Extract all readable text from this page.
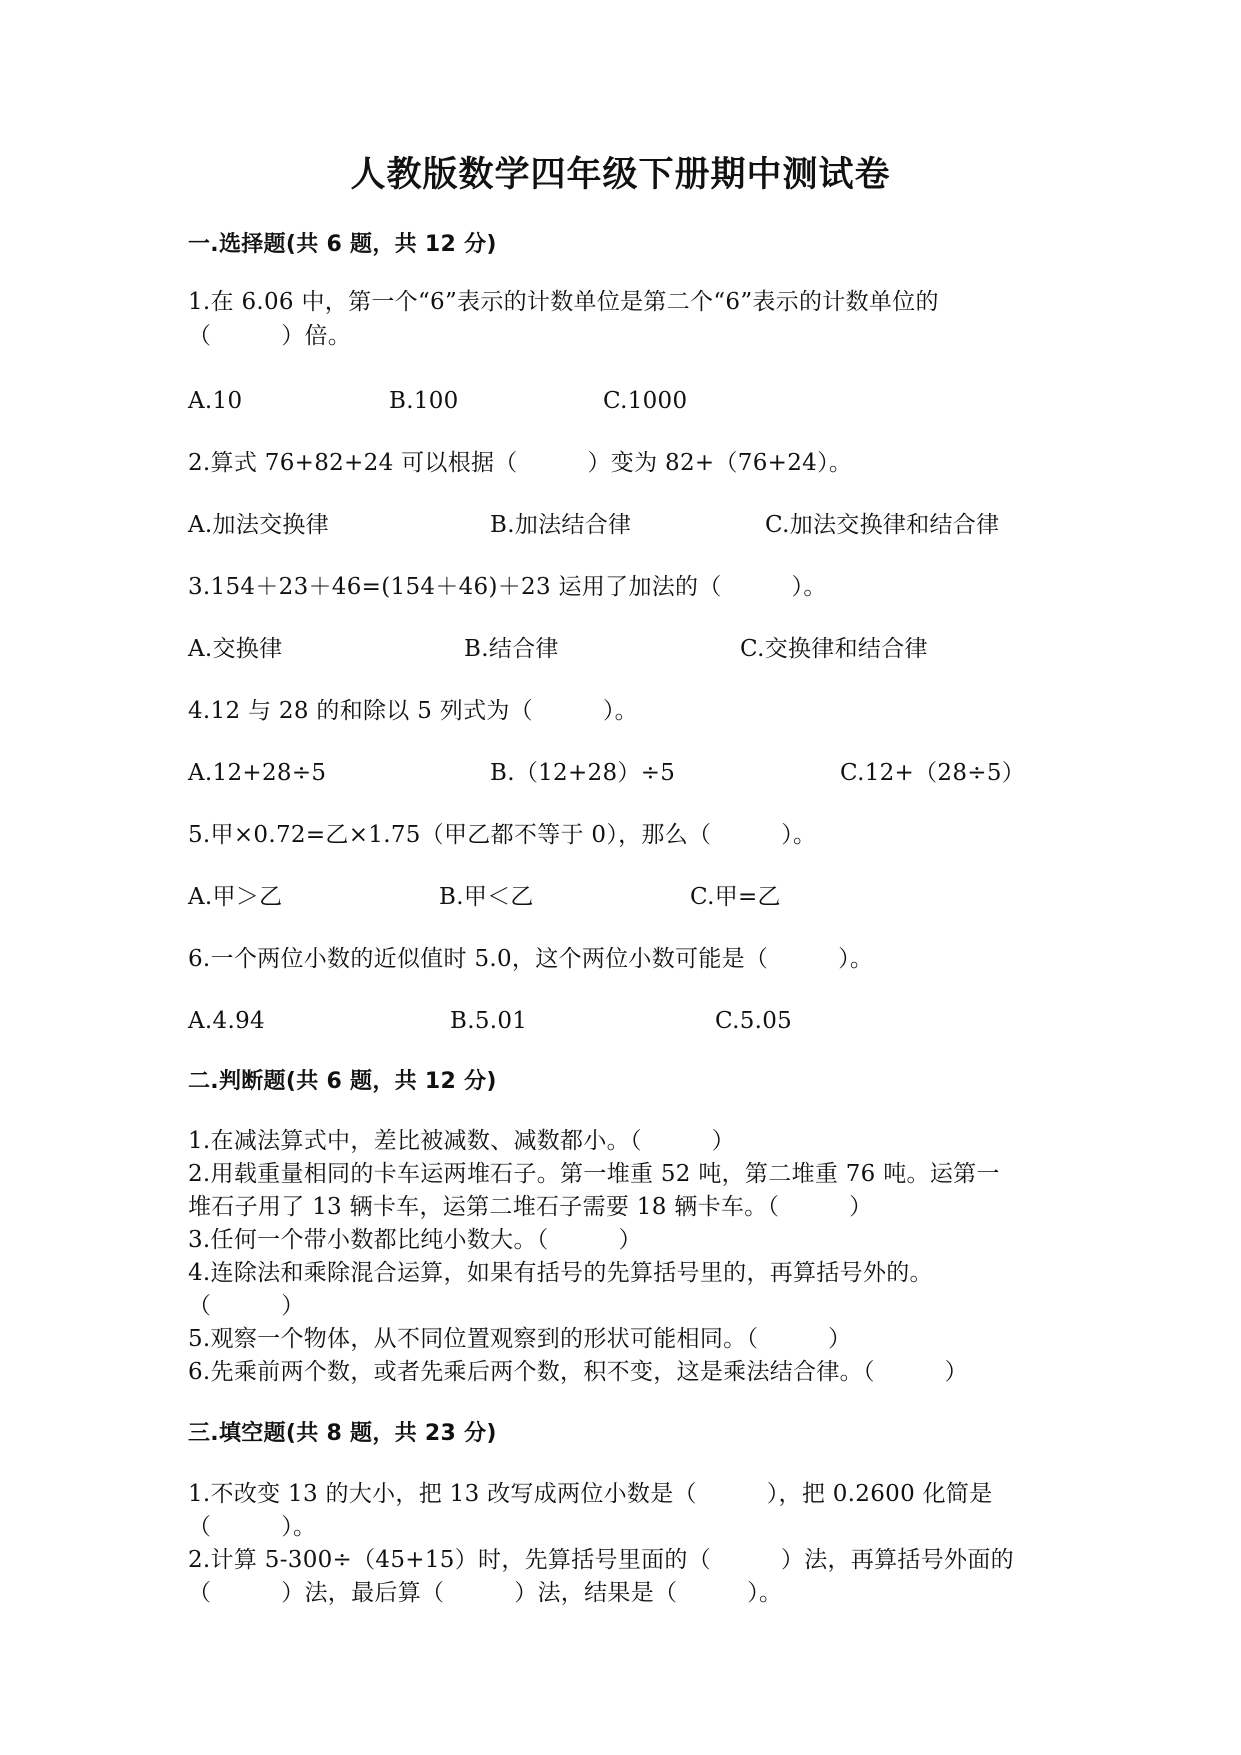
人教版数学四年级下册期中测试卷
一.选择题(共 6 题，共 12 分)
1.在 6.06 中，第一个“6”表示的计数单位是第二个“6”表示的计数单位的
（　　　）倍。
A.10	B.100	C.1000
2.算式 76+82+24 可以根据（　　　）变为 82+（76+24）。
A.加法交换律	B.加法结合律	C.加法交换律和结合律
3.154＋23＋46=(154＋46)＋23 运用了加法的（　　　）。
A.交换律	B.结合律	C.交换律和结合律
4.12 与 28 的和除以 5 列式为（　　　）。
A.12+28÷5	B.（12+28）÷5	C.12+（28÷5）
5.甲×0.72=乙×1.75（甲乙都不等于 0），那么（　　　）。
A.甲＞乙	B.甲＜乙	C.甲=乙
6.一个两位小数的近似值时 5.0，这个两位小数可能是（　　　）。
A.4.94	B.5.01	C.5.05
二.判断题(共 6 题，共 12 分)
1.在减法算式中，差比被减数、减数都小。（　　　）
2.用载重量相同的卡车运两堆石子。第一堆重 52 吨，第二堆重 76 吨。运第一
堆石子用了 13 辆卡车，运第二堆石子需要 18 辆卡车。（　　　）
3.任何一个带小数都比纯小数大。（　　　）
4.连除法和乘除混合运算，如果有括号的先算括号里的，再算括号外的。
（　　　）
5.观察一个物体，从不同位置观察到的形状可能相同。（　　　）
6.先乘前两个数，或者先乘后两个数，积不变，这是乘法结合律。（　　　）
三.填空题(共 8 题，共 23 分)
1.不改变 13 的大小，把 13 改写成两位小数是（　　　），把 0.2600 化简是
（　　　）。
2.计算 5-300÷（45+15）时，先算括号里面的（　　　）法，再算括号外面的
（　　　）法，最后算（　　　）法，结果是（　　　）。
